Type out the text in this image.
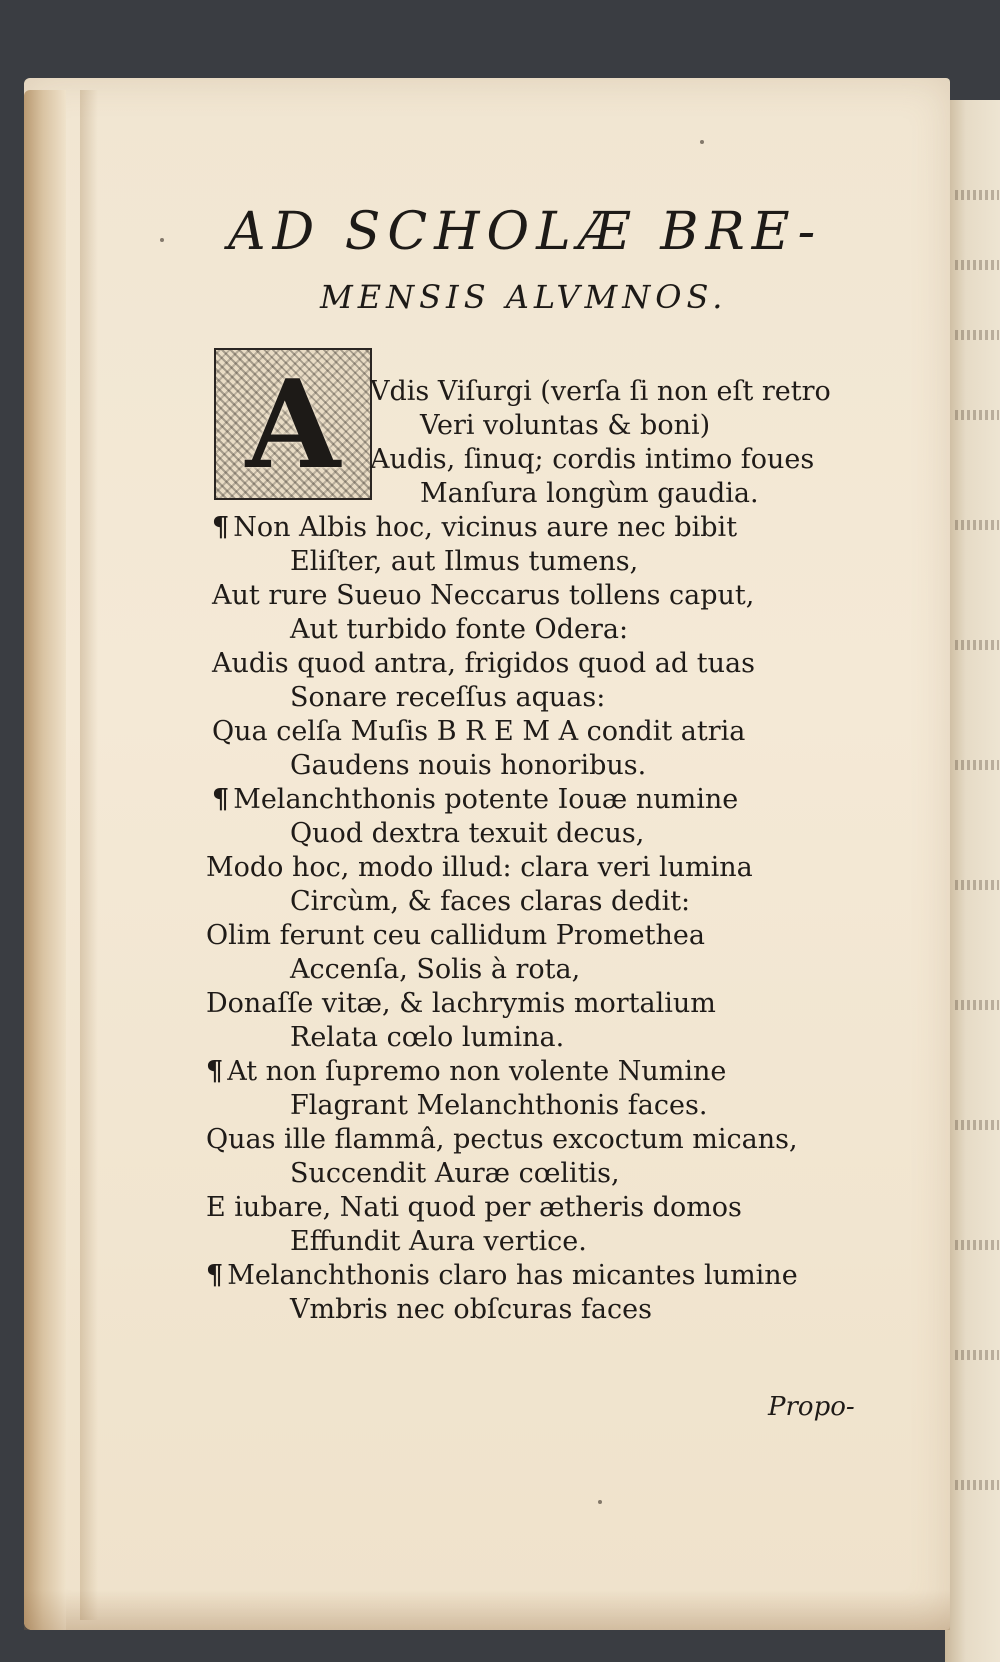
AD SCHOLÆ BRE-
MENSIS ALVMNOS.
A	Vdis Viſurgi (verſa ſi non eſt retro
Veri voluntas & boni)
Audis, ſinuq; cordis intimo foues
Manſura longùm gaudia.
¶ Non Albis hoc, vicinus aure nec bibit
Eliſter, aut Ilmus tumens,
Aut rure Sueuo Neccarus tollens caput,
Aut turbido fonte Odera:
Audis quod antra, frigidos quod ad tuas
Sonare receſſus aquas:
Qua celſa Muſis B R E M A condit atria
Gaudens nouis honoribus.
¶ Melanchthonis potente Iouæ numine
Quod dextra texuit decus,
Modo hoc, modo illud: clara veri lumina
Circùm, & faces claras dedit:
Olim ferunt ceu callidum Promethea
Accenſa, Solis à rota,
Donaſſe vitæ, & lachrymis mortalium
Relata cœlo lumina.
¶ At non ſupremo non volente Numine
Flagrant Melanchthonis faces.
Quas ille flammâ, pectus excoctum micans,
Succendit Auræ cœlitis,
E iubare, Nati quod per ætheris domos
Effundit Aura vertice.
¶ Melanchthonis claro has micantes lumine
Vmbris nec obſcuras faces
Propo-
